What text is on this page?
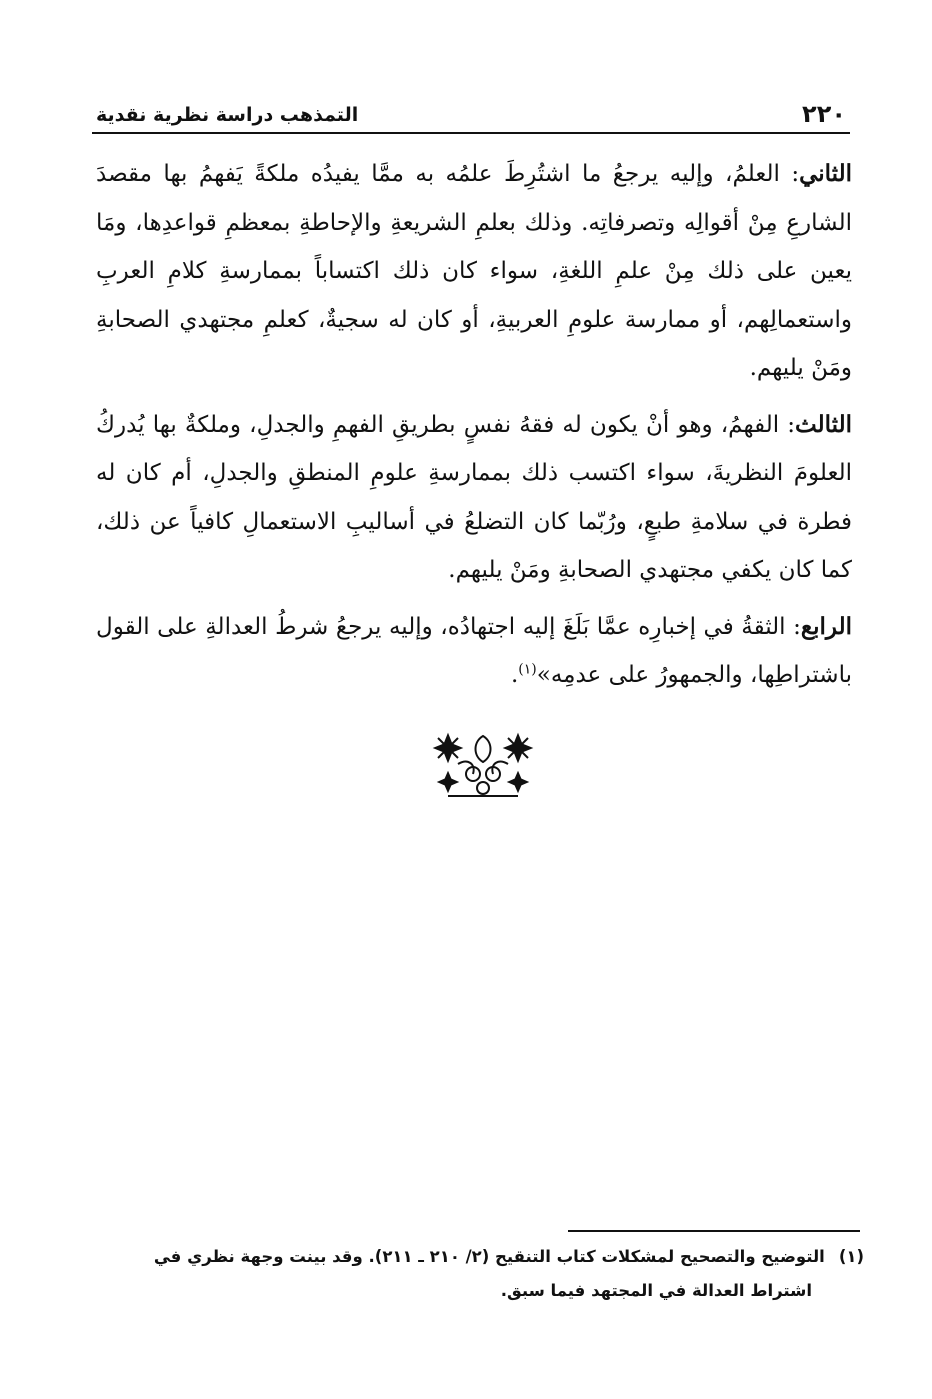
٢٢٠
التمذهب دراسة نظرية نقدية

الثاني: العلمُ، وإليه يرجعُ ما اشتُرِطَ علمُه به ممَّا يفيدُه ملكةً يَفهمُ بها مقصدَ الشارعِ مِنْ أقوالِه وتصرفاتِه. وذلك بعلمِ الشريعةِ والإحاطةِ بمعظمِ قواعدِها، ومَا يعين على ذلك مِنْ علمِ اللغةِ، سواء كان ذلك اكتساباً بممارسةِ كلامِ العربِ واستعمالِهم، أو ممارسة علومِ العربيةِ، أو كان له سجيةٌ، كعلمِ مجتهدي الصحابةِ ومَنْ يليهم.

الثالث: الفهمُ، وهو أنْ يكون له فقهُ نفسٍ بطريقِ الفهمِ والجدلِ، وملكةٌ بها يُدركُ العلومَ النظريةَ، سواء اكتسب ذلك بممارسةِ علومِ المنطقِ والجدلِ، أم كان له فطرة في سلامةِ طبعٍ، ورُبّما كان التضلعُ في أساليبِ الاستعمالِ كافياً عن ذلك، كما كان يكفي مجتهدي الصحابةِ ومَنْ يليهم.

الرابع: الثقةُ في إخبارِه عمَّا بَلَغَ إليه اجتهادُه، وإليه يرجعُ شرطُ العدالةِ على القول باشتراطِها، والجمهورُ على عدمِه»$^{(١)}$.

(١)التوضيح والتصحيح لمشكلات كتاب التنقيح (٢/ ٢١٠ ـ ٢١١). وقد بينت وجهة نظري في
اشتراط العدالة في المجتهد فيما سبق.
